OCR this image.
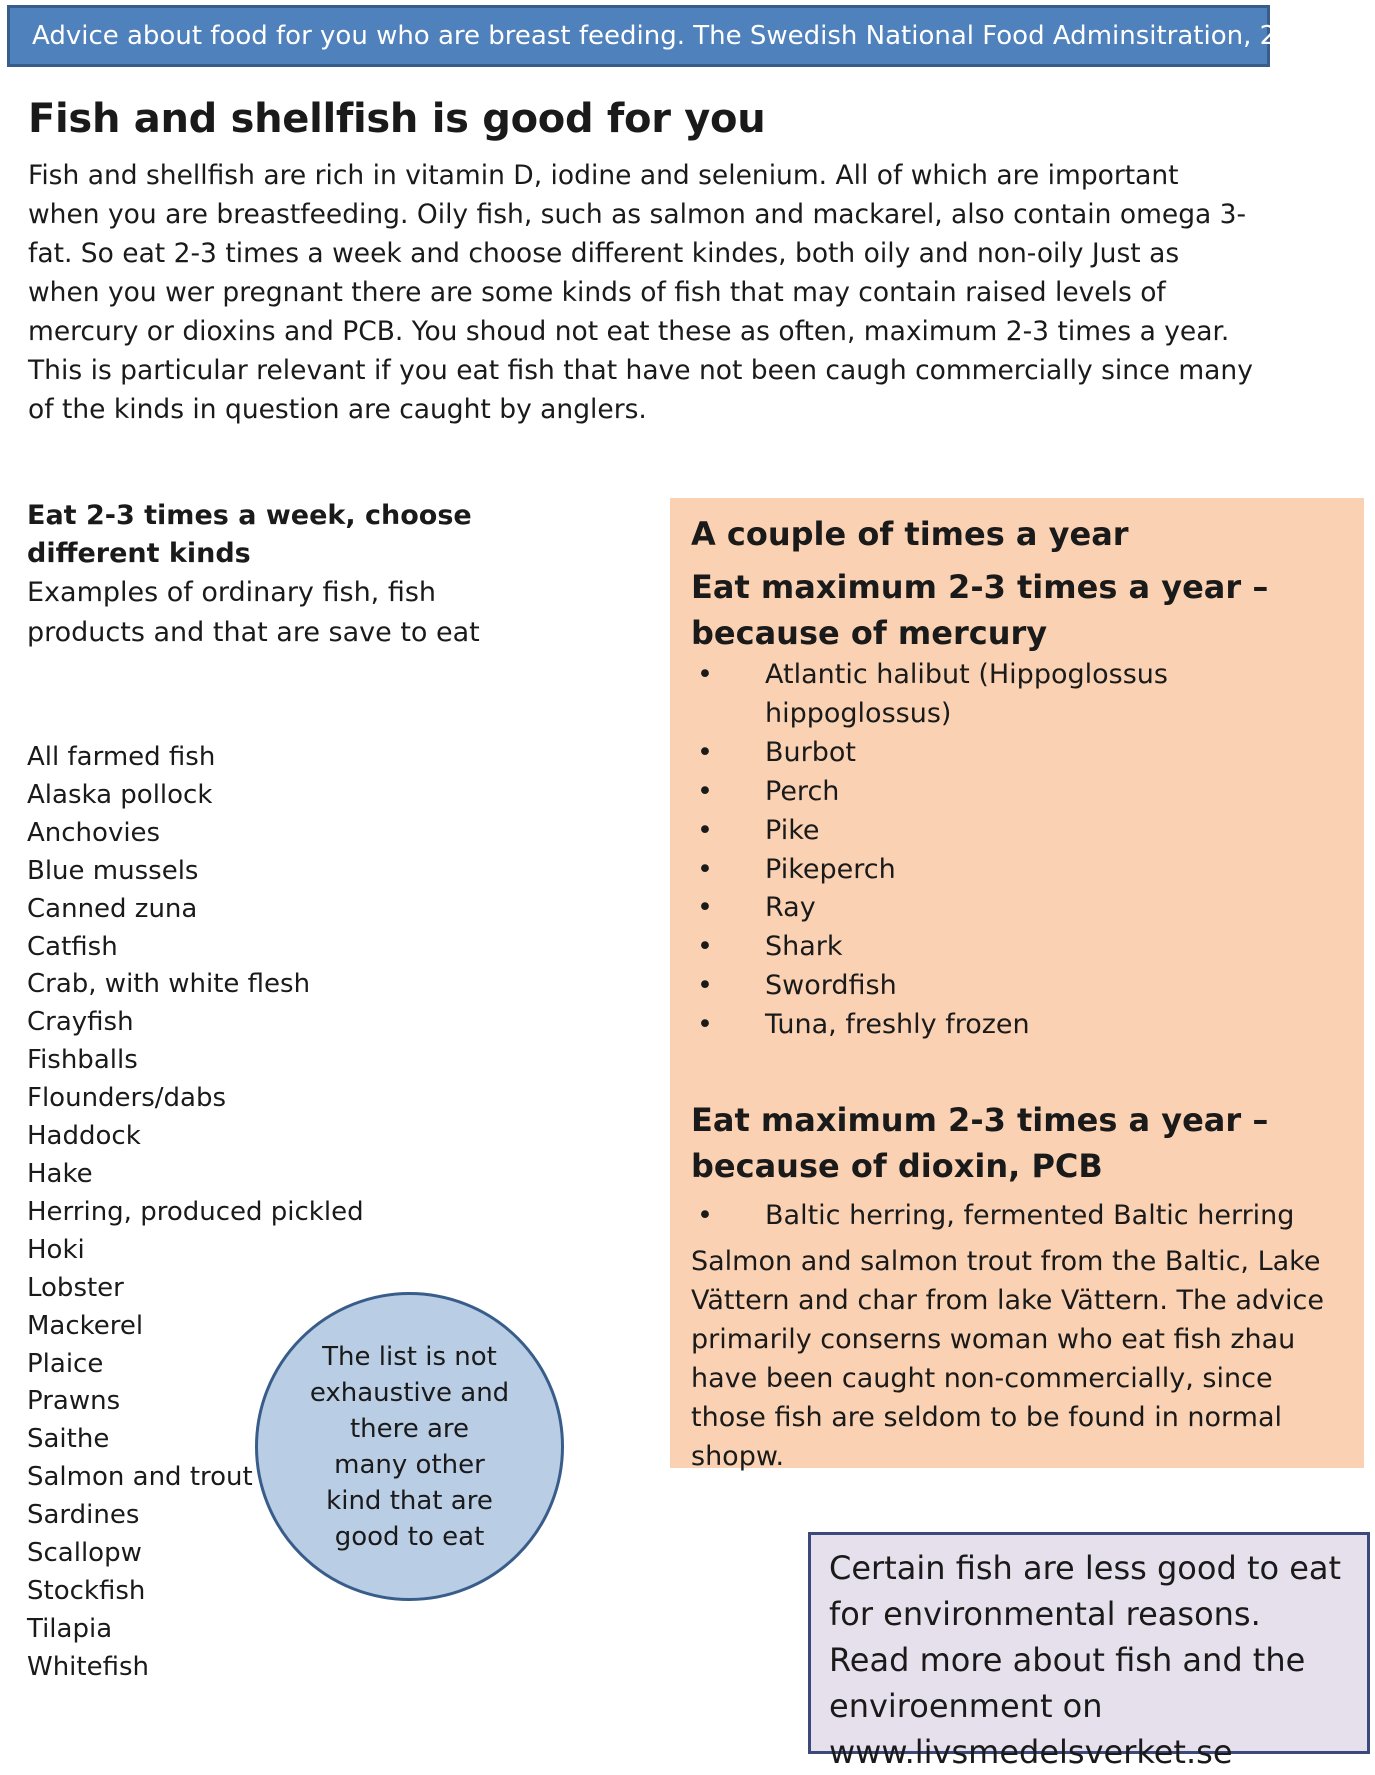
Advice about food for you who are breast feeding. The Swedish National Food Adminsitration, 2008
Fish and shellfish is good for you

Fish and shellfish are rich in vitamin D, iodine and selenium. All of which are important when you are breastfeeding. Oily fish, such as salmon and mackarel, also contain omega 3-fat. So eat 2-3 times a week and choose different kindes, both oily and non-oily Just as when you wer pregnant there are some kinds of fish that may contain raised levels of mercury or dioxins and PCB. You shoud not eat these as often, maximum 2-3 times a year.

This is particular relevant if you eat fish that have not been caugh commercially since many of the kinds in question are caught by anglers.

Eat 2-3 times a week, choose different kinds
Examples of ordinary fish, fish products and that are save to eat
All farmed fish
Alaska pollock
Anchovies
Blue mussels
Canned zuna
Catfish
Crab, with white flesh
Crayfish
Fishballs
Flounders/dabs
Haddock
Hake
Herring, produced pickled
Hoki
Lobster
Mackerel
Plaice
Prawns
Saithe
Salmon and trout
Sardines
Scallopw
Stockfish
Tilapia
Whitefish
A couple of times a year
Eat maximum 2-3 times a year – because of mercury
• Atlantic halibut (Hippoglossus hippoglossus)
• Burbot
• Perch
• Pike
• Pikeperch
• Ray
• Shark
• Swordfish
• Tuna, freshly frozen
Eat maximum 2-3 times a year – because of dioxin, PCB
• Baltic herring, fermented Baltic herring

Salmon and salmon trout from the Baltic, Lake Vättern and char from lake Vättern. The advice primarily conserns woman who eat fish zhau have been caught non-commercially, since those fish are seldom to be found in normal shopw.

The list is not exhaustive and there are many other kind that are good to eat
Certain fish are less good to eat for environmental reasons. Read more about fish and the enviroenment on www.livsmedelsverket.se
